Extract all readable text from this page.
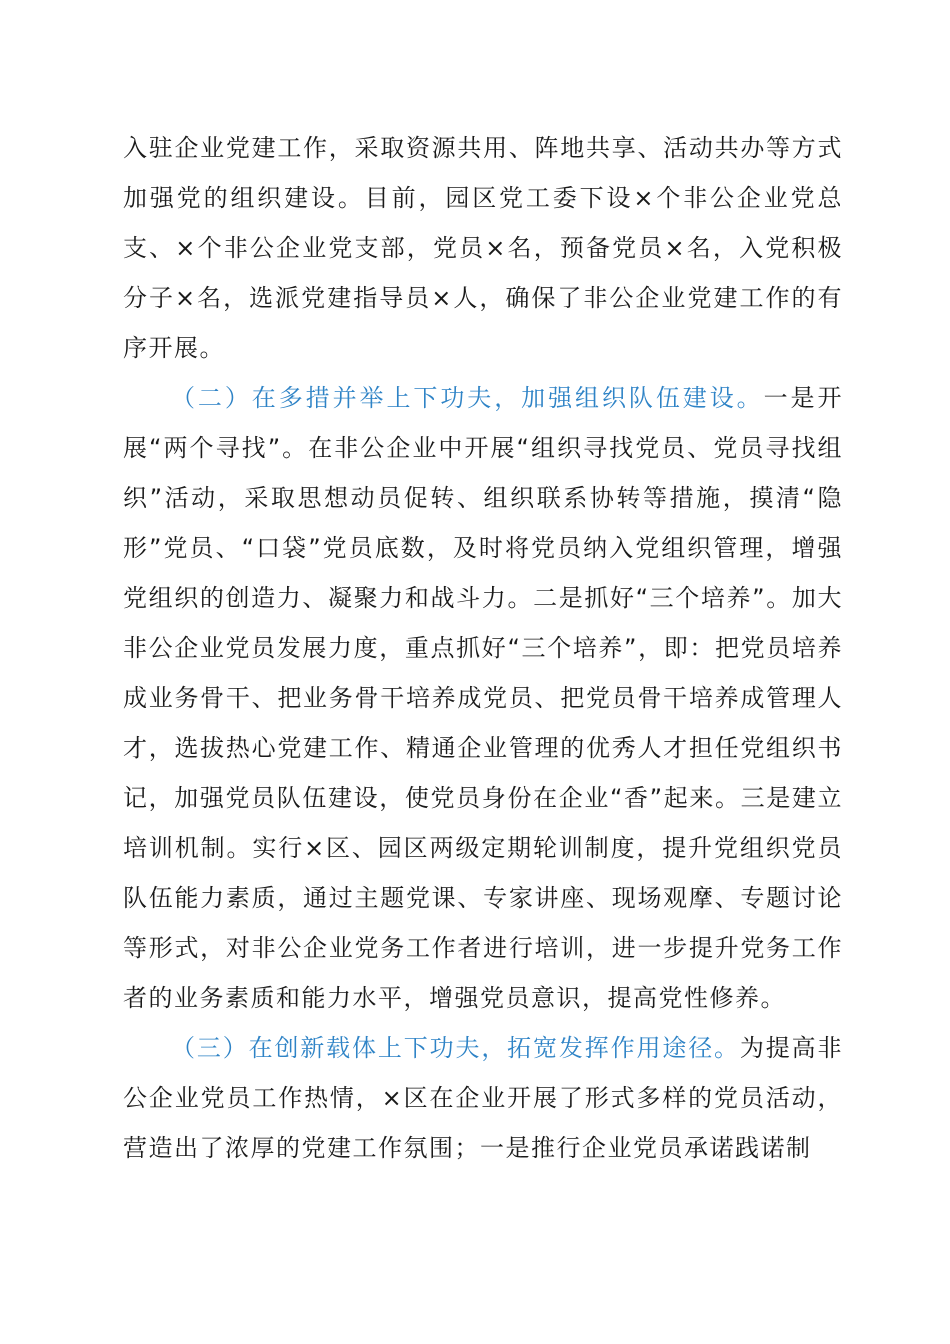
入驻企业党建工作，采取资源共用、阵地共享、活动共办等方式加强党的组织建设。目前，园区党工委下设×个非公企业党总支、×个非公企业党支部，党员×名，预备党员×名，入党积极分子×名，选派党建指导员×人，确保了非公企业党建工作的有序开展。

（二）在多措并举上下功夫，加强组织队伍建设。一是开展“两个寻找”。在非公企业中开展“组织寻找党员、党员寻找组织”活动，采取思想动员促转、组织联系协转等措施，摸清“隐形”党员、“口袋”党员底数，及时将党员纳入党组织管理，增强党组织的创造力、凝聚力和战斗力。二是抓好“三个培养”。加大非公企业党员发展力度，重点抓好“三个培养”，即：把党员培养成业务骨干、把业务骨干培养成党员、把党员骨干培养成管理人才，选拔热心党建工作、精通企业管理的优秀人才担任党组织书记，加强党员队伍建设，使党员身份在企业“香”起来。三是建立培训机制。实行×区、园区两级定期轮训制度，提升党组织党员队伍能力素质，通过主题党课、专家讲座、现场观摩、专题讨论等形式，对非公企业党务工作者进行培训，进一步提升党务工作者的业务素质和能力水平，增强党员意识，提高党性修养。

（三）在创新载体上下功夫，拓宽发挥作用途径。为提高非公企业党员工作热情，×区在企业开展了形式多样的党员活动，营造出了浓厚的党建工作氛围；一是推行企业党员承诺践诺制
